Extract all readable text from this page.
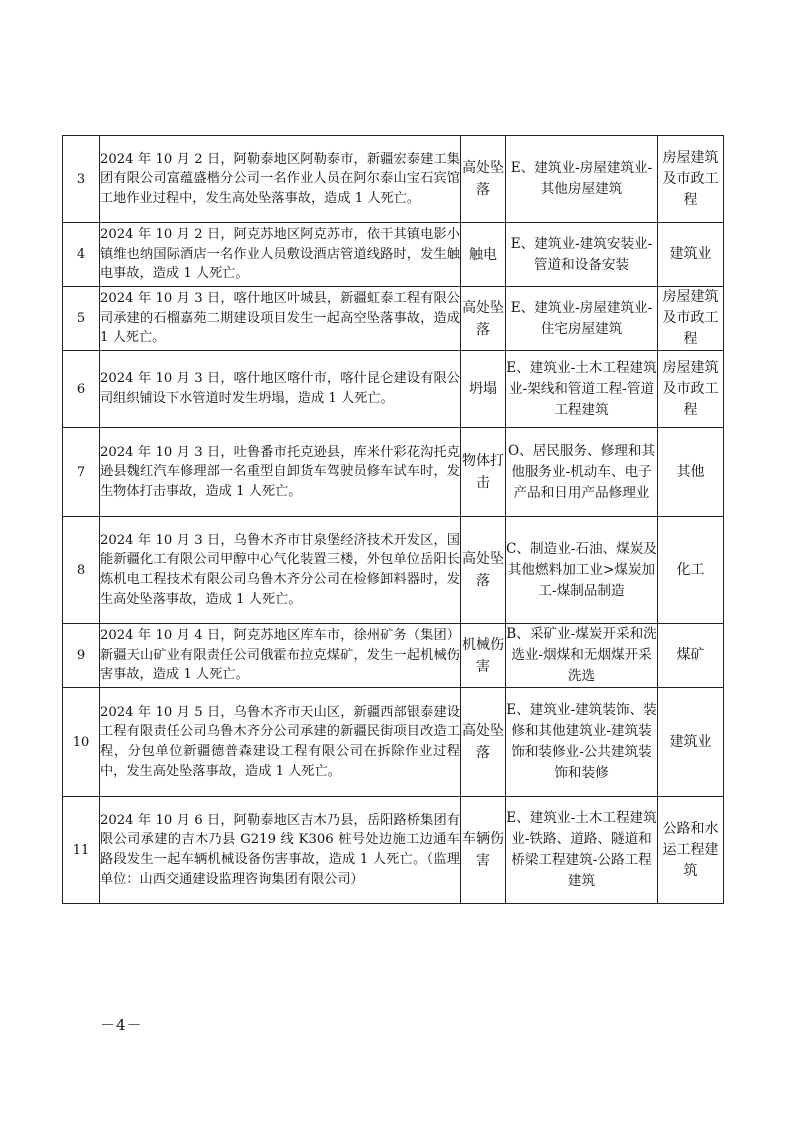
3	2024 年 10 月 2 日，阿勒泰地区阿勒泰市，新疆宏泰建工集团有限公司富蕴盛楷分公司一名作业人员在阿尔泰山宝石宾馆工地作业过程中，发生高处坠落事故，造成 1 人死亡。	高处坠落	E、建筑业-房屋建筑业-其他房屋建筑	房屋建筑及市政工程
4	2024 年 10 月 2 日，阿克苏地区阿克苏市，依干其镇电影小镇维也纳国际酒店一名作业人员敷设酒店管道线路时，发生触电事故，造成 1 人死亡。	触电	E、建筑业-建筑安装业-管道和设备安装	建筑业
5	2024 年 10 月 3 日，喀什地区叶城县，新疆虹泰工程有限公司承建的石榴嘉苑二期建设项目发生一起高空坠落事故，造成 1 人死亡。	高处坠落	E、建筑业-房屋建筑业-住宅房屋建筑	房屋建筑及市政工程
6	2024 年 10 月 3 日，喀什地区喀什市，喀什昆仑建设有限公司组织铺设下水管道时发生坍塌，造成 1 人死亡。	坍塌	E、建筑业-土木工程建筑业-架线和管道工程-管道工程建筑	房屋建筑及市政工程
7	2024 年 10 月 3 日，吐鲁番市托克逊县，库米什彩花沟托克逊县魏红汽车修理部一名重型自卸货车驾驶员修车试车时，发生物体打击事故，造成 1 人死亡。	物体打击	O、居民服务、修理和其他服务业-机动车、电子产品和日用产品修理业	其他
8	2024 年 10 月 3 日，乌鲁木齐市甘泉堡经济技术开发区，国能新疆化工有限公司甲醇中心气化装置三楼，外包单位岳阳长炼机电工程技术有限公司乌鲁木齐分公司在检修卸料器时，发生高处坠落事故，造成 1 人死亡。	高处坠落	C、制造业-石油、煤炭及其他燃料加工业>煤炭加工-煤制品制造	化工
9	2024 年 10 月 4 日，阿克苏地区库车市，徐州矿务（集团）新疆天山矿业有限责任公司俄霍布拉克煤矿，发生一起机械伤害事故，造成 1 人死亡。	机械伤害	B、采矿业-煤炭开采和洗选业-烟煤和无烟煤开采洗选	煤矿
10	2024 年 10 月 5 日，乌鲁木齐市天山区，新疆西部银泰建设工程有限责任公司乌鲁木齐分公司承建的新疆民街项目改造工程，分包单位新疆德普森建设工程有限公司在拆除作业过程中，发生高处坠落事故，造成 1 人死亡。	高处坠落	E、建筑业-建筑装饰、装修和其他建筑业-建筑装饰和装修业-公共建筑装饰和装修	建筑业
11	2024 年 10 月 6 日，阿勒泰地区吉木乃县，岳阳路桥集团有限公司承建的吉木乃县 G219 线 K306 桩号处边施工边通车路段发生一起车辆机械设备伤害事故，造成 1 人死亡。（监理单位：山西交通建设监理咨询集团有限公司）	车辆伤害	E、建筑业-土木工程建筑业-铁路、道路、隧道和桥梁工程建筑-公路工程建筑	公路和水运工程建筑
－4－
